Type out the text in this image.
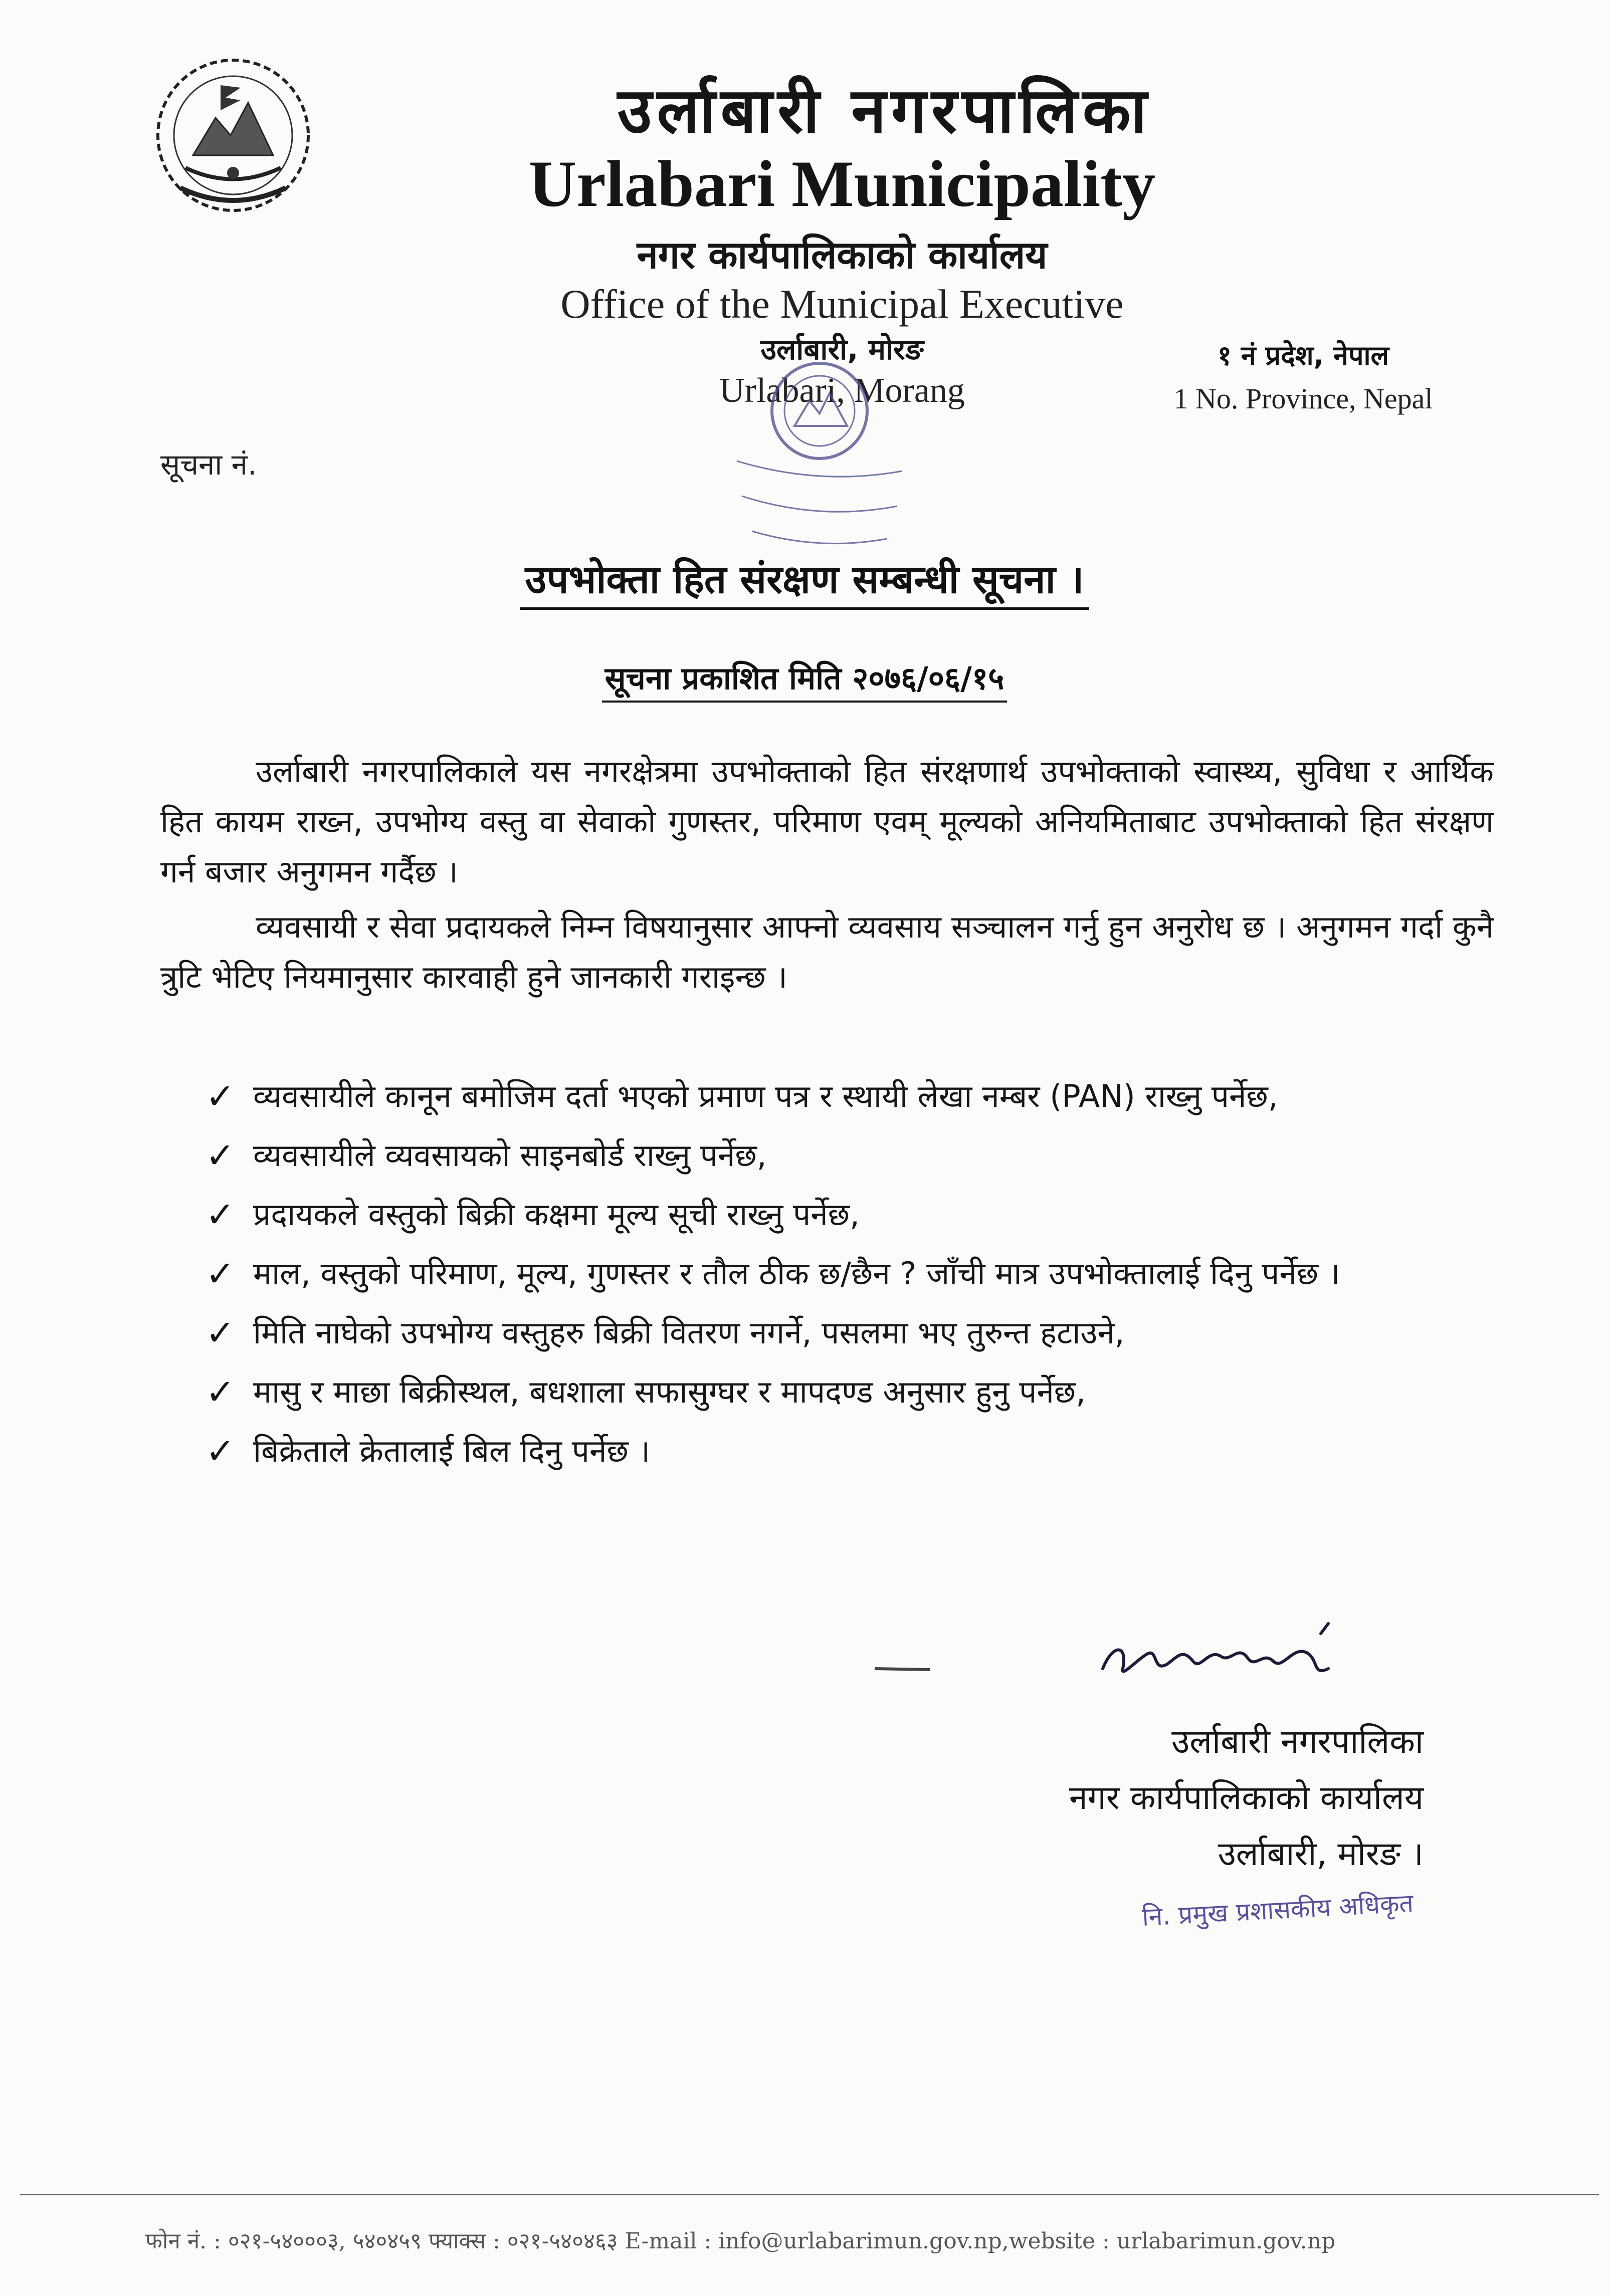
उर्लाबारी नगरपालिका
Urlabari Municipality
नगर कार्यपालिकाको कार्यालय
Office of the Municipal Executive
उर्लाबारी, मोरङ
Urlabari, Morang
१ नं प्रदेश, नेपाल
1 No. Province, Nepal
सूचना नं.
उपभोक्ता हित संरक्षण सम्बन्धी सूचना ।
सूचना प्रकाशित मिति २०७६/०६/१५

उर्लाबारी नगरपालिकाले यस नगरक्षेत्रमा उपभोक्ताको हित संरक्षणार्थ उपभोक्ताको स्वास्थ्य, सुविधा र आर्थिक हित कायम राख्न, उपभोग्य वस्तु वा सेवाको गुणस्तर, परिमाण एवम् मूल्यको अनियमिताबाट उपभोक्ताको हित संरक्षण गर्न बजार अनुगमन गर्दैछ ।

व्यवसायी र सेवा प्रदायकले निम्न विषयानुसार आफ्नो व्यवसाय सञ्चालन गर्नु हुन अनुरोध छ । अनुगमन गर्दा कुनै त्रुटि भेटिए नियमानुसार कारवाही हुने जानकारी गराइन्छ ।

✓ व्यवसायीले कानून बमोजिम दर्ता भएको प्रमाण पत्र र स्थायी लेखा नम्बर (PAN) राख्नु पर्नेछ,
✓ व्यवसायीले व्यवसायको साइनबोर्ड राख्नु पर्नेछ,
✓ प्रदायकले वस्तुको बिक्री कक्षमा मूल्य सूची राख्नु पर्नेछ,
✓ माल, वस्तुको परिमाण, मूल्य, गुणस्तर र तौल ठीक छ/छैन ? जाँची मात्र उपभोक्तालाई दिनु पर्नेछ ।
✓ मिति नाघेको उपभोग्य वस्तुहरु बिक्री वितरण नगर्ने, पसलमा भए तुरुन्त हटाउने,
✓ मासु र माछा बिक्रीस्थल, बधशाला सफासुग्घर र मापदण्ड अनुसार हुनु पर्नेछ,
✓ बिक्रेताले क्रेतालाई बिल दिनु पर्नेछ ।
उर्लाबारी नगरपालिका
नगर कार्यपालिकाको कार्यालय
उर्लाबारी, मोरङ ।
नि. प्रमुख प्रशासकीय अधिकृत
फोन नं. : ०२१-५४०००३, ५४०४५९ फ्याक्स : ०२१-५४०४६३ E-mail : info@urlabarimun.gov.np,website : urlabarimun.gov.np
